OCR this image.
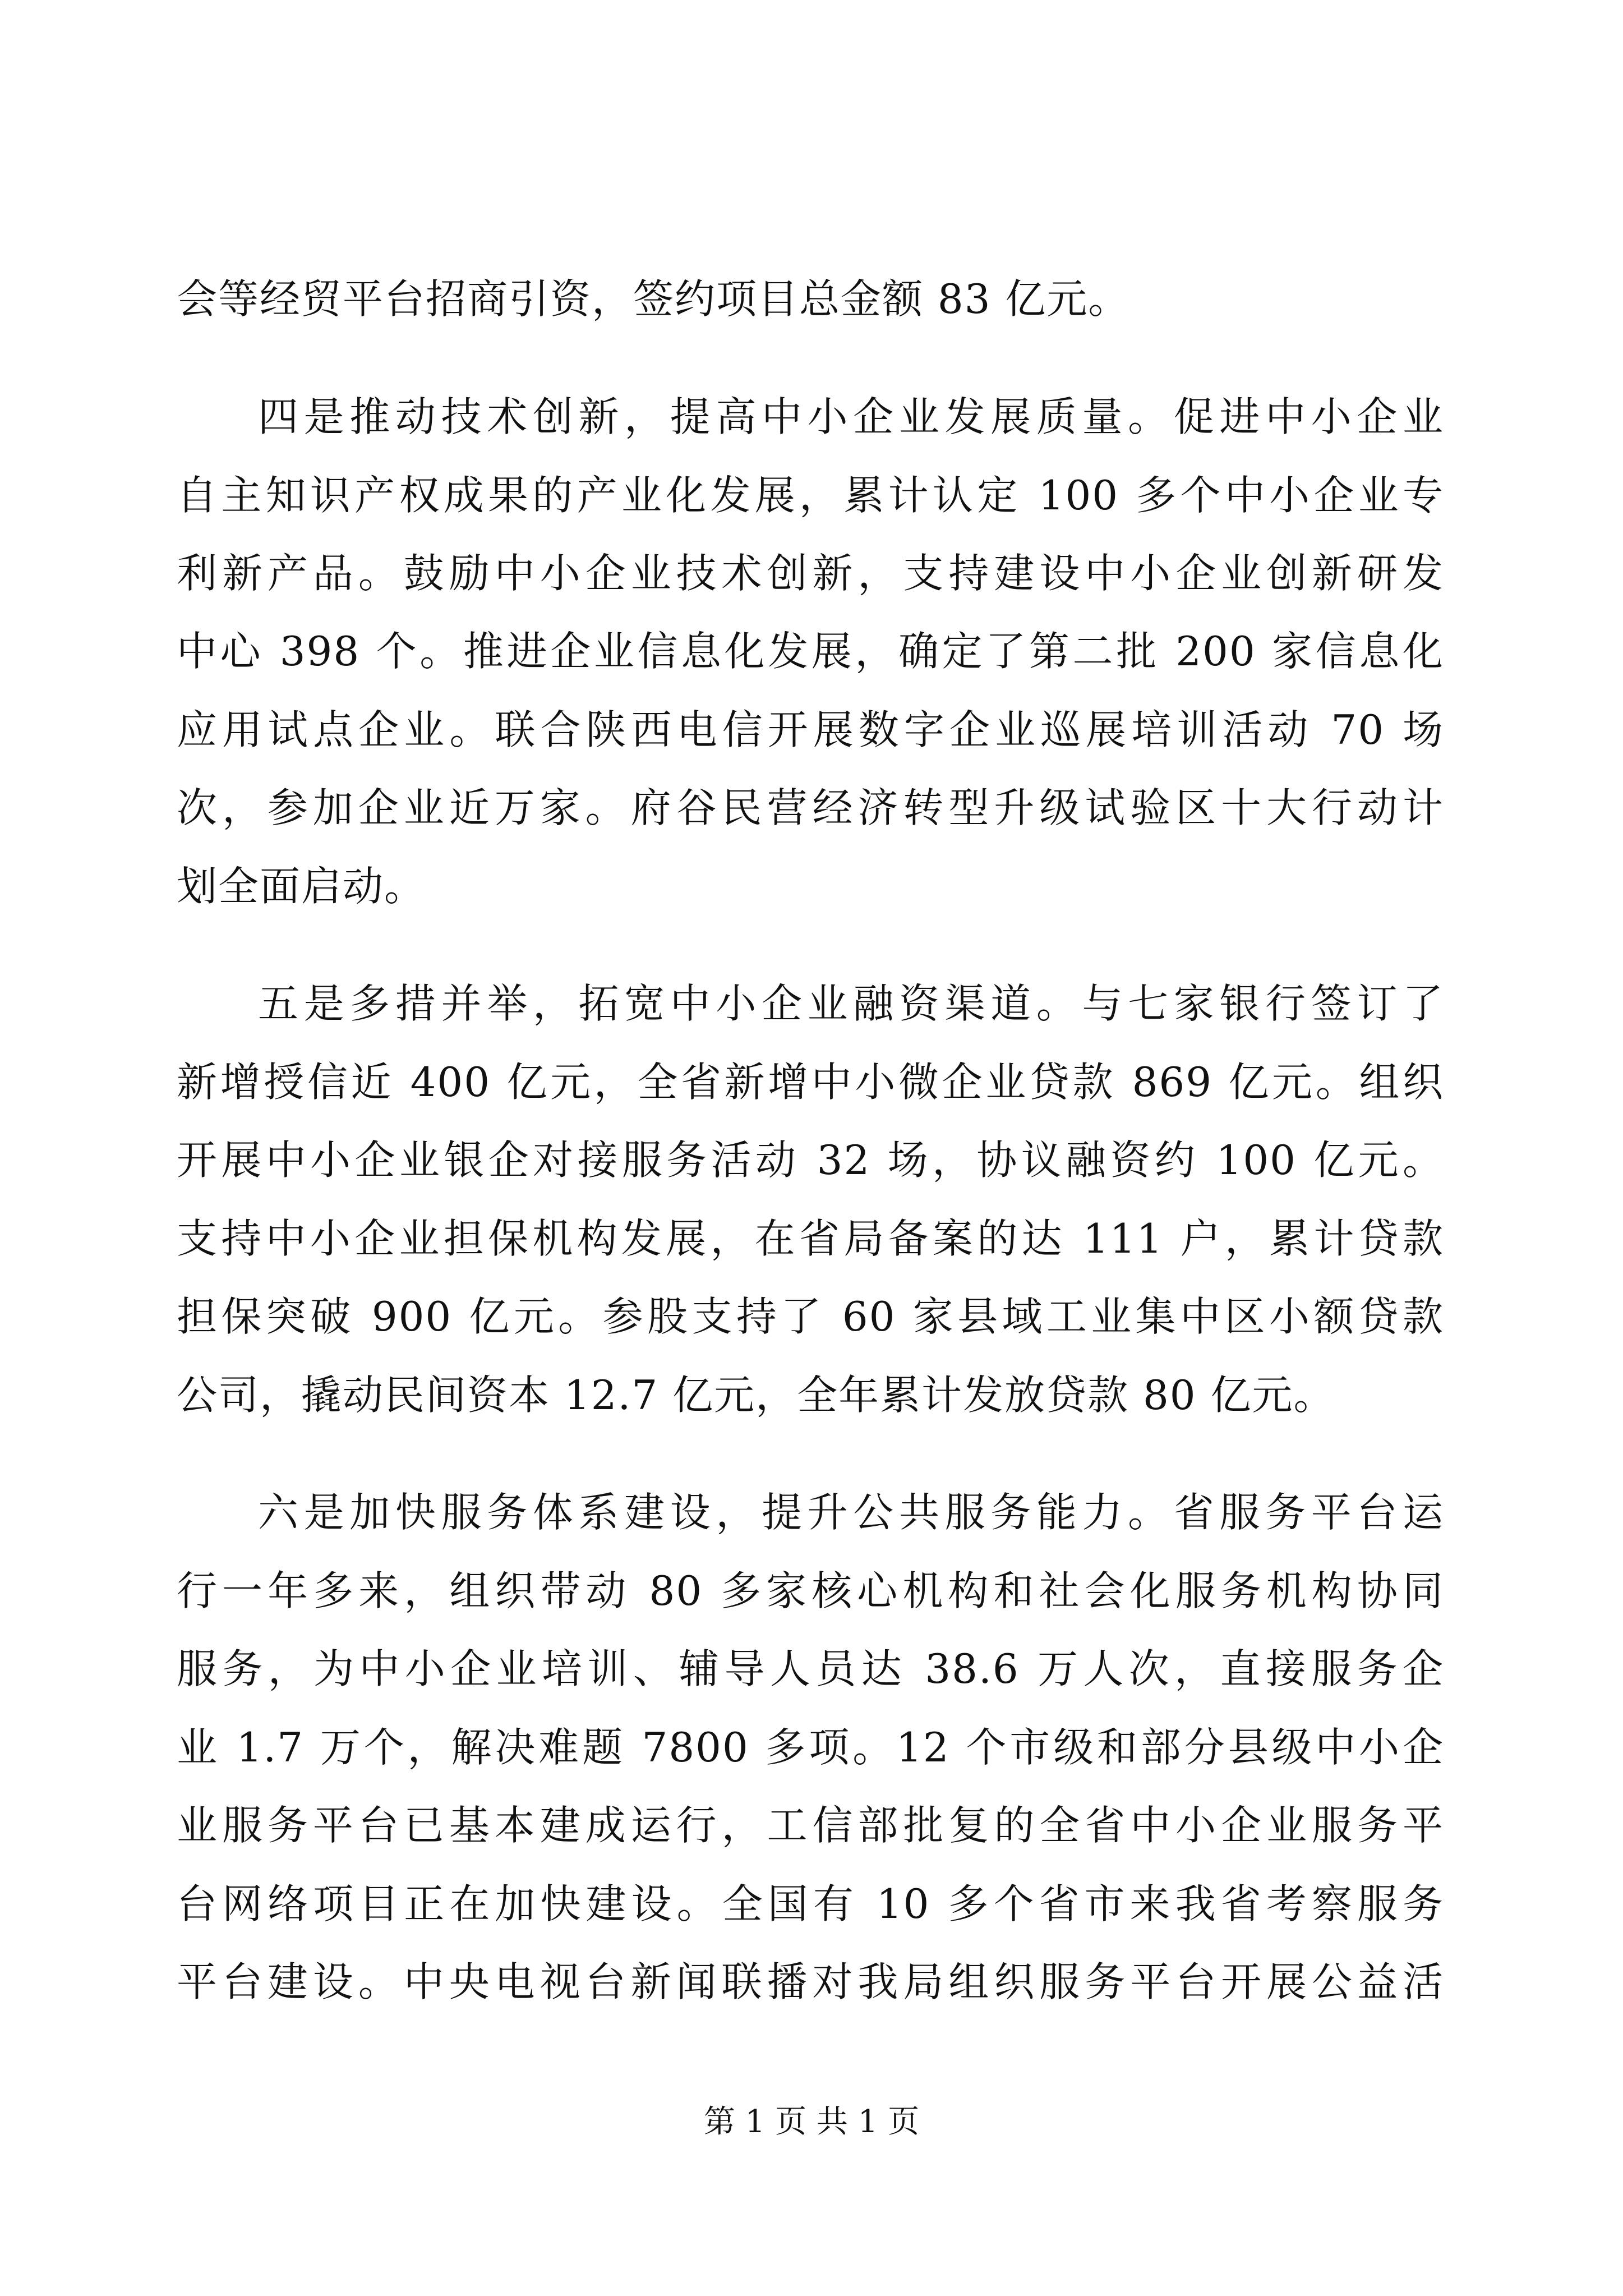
会等经贸平台招商引资，签约项目总金额 83 亿元。
四是推动技术创新，提高中小企业发展质量。促进中小企业
自主知识产权成果的产业化发展，累计认定 100 多个中小企业专
利新产品。鼓励中小企业技术创新，支持建设中小企业创新研发
中心 398 个。推进企业信息化发展，确定了第二批 200 家信息化
应用试点企业。联合陕西电信开展数字企业巡展培训活动 70 场
次，参加企业近万家。府谷民营经济转型升级试验区十大行动计
划全面启动。
五是多措并举，拓宽中小企业融资渠道。与七家银行签订了
新增授信近 400 亿元，全省新增中小微企业贷款 869 亿元。组织
开展中小企业银企对接服务活动 32 场，协议融资约 100 亿元。
支持中小企业担保机构发展，在省局备案的达 111 户，累计贷款
担保突破 900 亿元。参股支持了 60 家县域工业集中区小额贷款
公司，撬动民间资本 12.7 亿元，全年累计发放贷款 80 亿元。
六是加快服务体系建设，提升公共服务能力。省服务平台运
行一年多来，组织带动 80 多家核心机构和社会化服务机构协同
服务，为中小企业培训、辅导人员达 38.6 万人次，直接服务企
业 1.7 万个，解决难题 7800 多项。12 个市级和部分县级中小企
业服务平台已基本建成运行，工信部批复的全省中小企业服务平
台网络项目正在加快建设。全国有 10 多个省市来我省考察服务
平台建设。中央电视台新闻联播对我局组织服务平台开展公益活
第 1 页 共 1 页
